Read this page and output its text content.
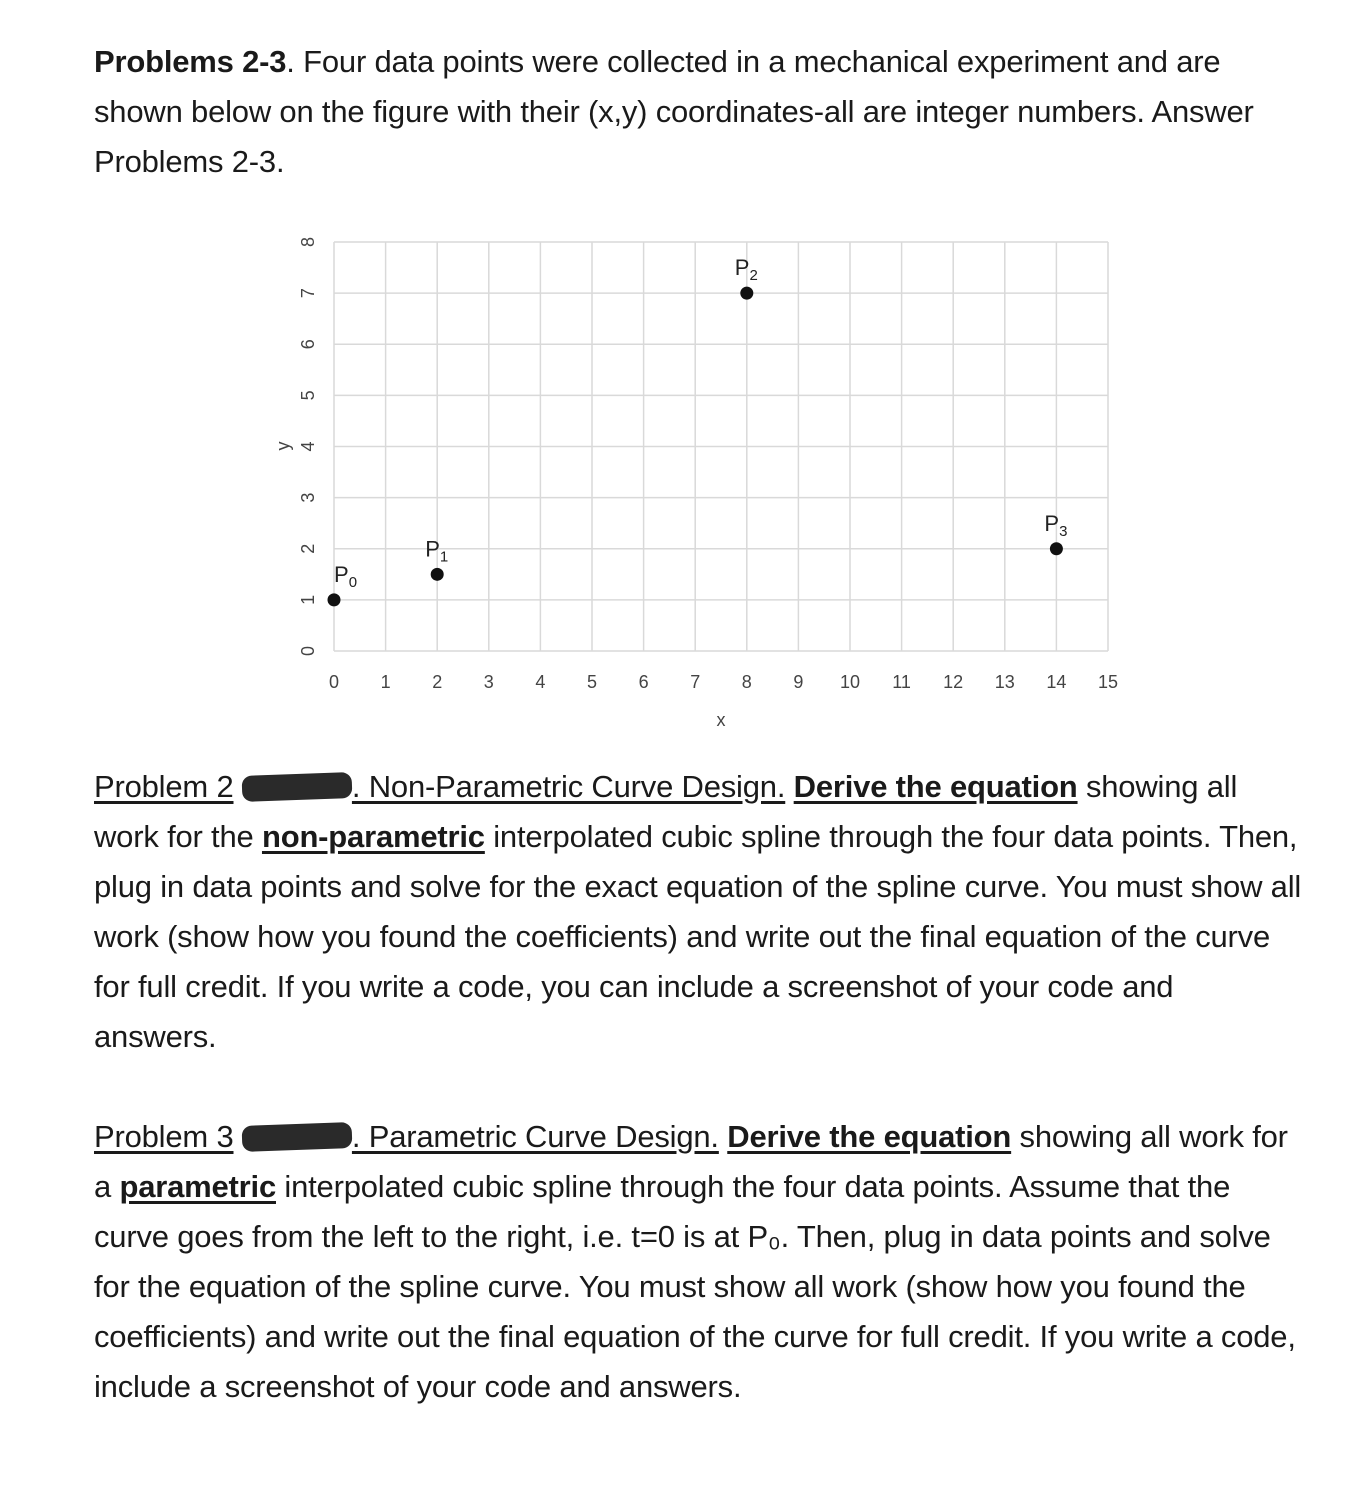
Problems 2-3. Four data points were collected in a mechanical experiment and are shown below on the figure with their (x,y) coordinates-all are integer numbers. Answer Problems 2-3.

0 1 2 3 4 5 6 7 8 9 10 11 12 13 14 15
0
1
2
3
4
5
6
7
8
x
y
$P_0$
$P_1$
$P_2$
$P_3$

Problem 2	. Non-Parametric Curve Design. Derive the equation showing all work for the non-parametric interpolated cubic spline through the four data points. Then, plug in data points and solve for the exact equation of the spline curve. You must show all work (show how you found the coefficients) and write out the final equation of the curve for full credit. If you write a code, you can include a screenshot of your code and answers.

Problem 3	. Parametric Curve Design. Derive the equation showing all work for a parametric interpolated cubic spline through the four data points. Assume that the curve goes from the left to the right, i.e. t=0 is at P₀. Then, plug in data points and solve for the equation of the spline curve. You must show all work (show how you found the coefficients) and write out the final equation of the curve for full credit. If you write a code, include a screenshot of your code and answers.
